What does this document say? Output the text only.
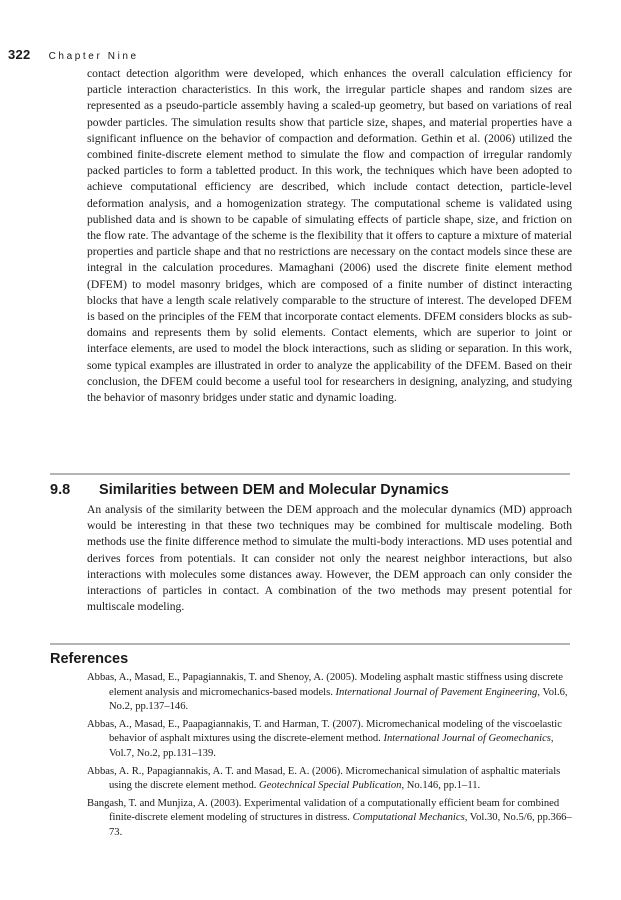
322 Chapter Nine

contact detection algorithm were developed, which enhances the overall calculation efficiency for particle interaction characteristics. In this work, the irregular particle shapes and random sizes are represented as a pseudo-particle assembly having a scaled-up geometry, but based on variations of real powder particles. The simulation results show that particle size, shapes, and material properties have a significant influence on the behavior of compaction and deformation. Gethin et al. (2006) utilized the combined finite-discrete element method to simulate the flow and compaction of irregular randomly packed particles to form a tabletted product. In this work, the techniques which have been adopted to achieve computational efficiency are described, which include contact detection, particle-level deformation analysis, and a homogenization strategy. The computational scheme is validated using published data and is shown to be capable of simulating effects of particle shape, size, and friction on the flow rate. The advantage of the scheme is the flexibility that it offers to capture a mixture of material properties and particle shape and that no restrictions are necessary on the contact models since these are integral in the calculation procedures. Mamaghani (2006) used the discrete finite element method (DFEM) to model masonry bridges, which are composed of a finite number of distinct interacting blocks that have a length scale relatively comparable to the structure of interest. The developed DFEM is based on the principles of the FEM that incorporate contact elements. DFEM considers blocks as sub-domains and represents them by solid elements. Contact elements, which are superior to joint or interface elements, are used to model the block interactions, such as sliding or separation. In this work, some typical examples are illustrated in order to analyze the applicability of the DFEM. Based on their conclusion, the DFEM could become a useful tool for researchers in designing, analyzing, and studying the behavior of masonry bridges under static and dynamic loading.

9.8 Similarities between DEM and Molecular Dynamics

An analysis of the similarity between the DEM approach and the molecular dynamics (MD) approach would be interesting in that these two techniques may be combined for multiscale modeling. Both methods use the finite difference method to simulate the multi-body interactions. MD uses potential and derives forces from potentials. It can consider not only the nearest neighbor interactions, but also interactions with molecules some distances away. However, the DEM approach can only consider the interactions of particles in contact. A combination of the two methods may present potential for multiscale modeling.

References
Abbas, A., Masad, E., Papagiannakis, T. and Shenoy, A. (2005). Modeling asphalt mastic stiffness using discrete element analysis and micromechanics-based models. International Journal of Pavement Engineering, Vol.6, No.2, pp.137–146.
Abbas, A., Masad, E., Paapagiannakis, T. and Harman, T. (2007). Micromechanical modeling of the viscoelastic behavior of asphalt mixtures using the discrete-element method. International Journal of Geomechanics, Vol.7, No.2, pp.131–139.
Abbas, A. R., Papagiannakis, A. T. and Masad, E. A. (2006). Micromechanical simulation of asphaltic materials using the discrete element method. Geotechnical Special Publication, No.146, pp.1–11.
Bangash, T. and Munjiza, A. (2003). Experimental validation of a computationally efficient beam for combined finite-discrete element modeling of structures in distress. Computational Mechanics, Vol.30, No.5/6, pp.366–73.
